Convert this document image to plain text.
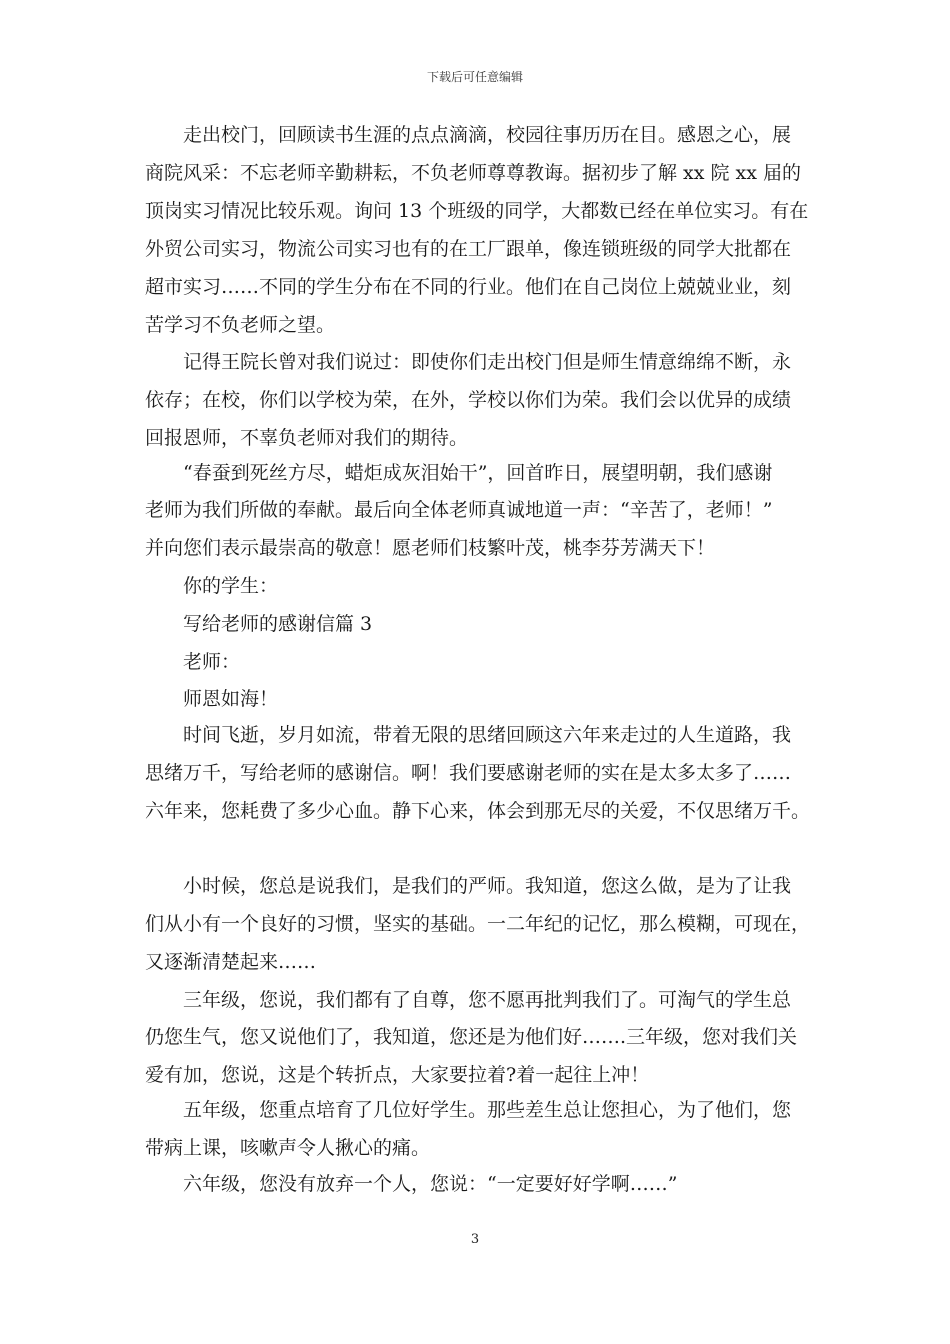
下载后可任意编辑
　　走出校门，回顾读书生涯的点点滴滴，校园往事历历在目。感恩之心，展
商院风采：不忘老师辛勤耕耘，不负老师尊尊教诲。据初步了解 xx 院 xx 届的
顶岗实习情况比较乐观。询问 13 个班级的同学，大都数已经在单位实习。有在
外贸公司实习，物流公司实习也有的在工厂跟单，像连锁班级的同学大批都在
超市实习……不同的学生分布在不同的行业。他们在自己岗位上兢兢业业，刻
苦学习不负老师之望。
　　记得王院长曾对我们说过：即使你们走出校门但是师生情意绵绵不断，永
依存；在校，你们以学校为荣，在外，学校以你们为荣。我们会以优异的成绩
回报恩师，不辜负老师对我们的期待。
　　“春蚕到死丝方尽，蜡炬成灰泪始干”，回首昨日，展望明朝，我们感谢
老师为我们所做的奉献。最后向全体老师真诚地道一声：“辛苦了，老师！”
并向您们表示最崇高的敬意！愿老师们枝繁叶茂，桃李芬芳满天下！
　　你的学生：
　　写给老师的感谢信篇 3
　　老师：
　　师恩如海！
　　时间飞逝，岁月如流，带着无限的思绪回顾这六年来走过的人生道路，我
思绪万千，写给老师的感谢信。啊！我们要感谢老师的实在是太多太多了……
六年来，您耗费了多少心血。静下心来，体会到那无尽的关爱，不仅思绪万千。
　　小时候，您总是说我们，是我们的严师。我知道，您这么做，是为了让我
们从小有一个良好的习惯，坚实的基础。一二年纪的记忆，那么模糊，可现在，
又逐渐清楚起来……
　　三年级，您说，我们都有了自尊，您不愿再批判我们了。可淘气的学生总
仍您生气，您又说他们了，我知道，您还是为他们好…….三年级，您对我们关
爱有加，您说，这是个转折点，大家要拉着?着一起往上冲！
　　五年级，您重点培育了几位好学生。那些差生总让您担心，为了他们，您
带病上课，咳嗽声令人揪心的痛。
　　六年级，您没有放弃一个人，您说：“一定要好好学啊……”
3
